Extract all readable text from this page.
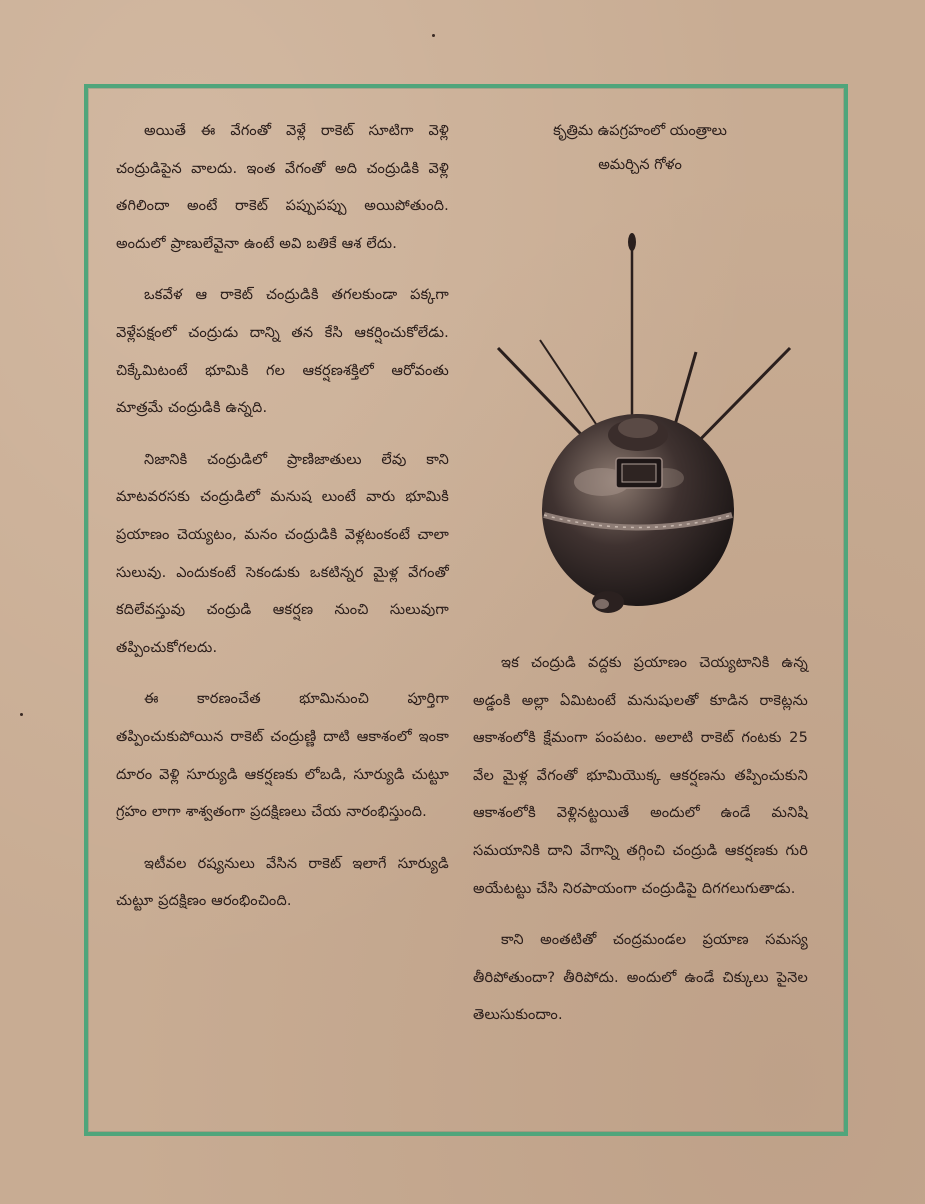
అయితే ఈ వేగంతో వెళ్లే రాకెట్ సూటిగా వెళ్లి చంద్రుడిపైన వాలదు. ఇంత వేగంతో అది చంద్రుడికి వెళ్లి తగిలిందా అంటే రాకెట్ పప్పుపప్పు అయిపోతుంది. అందులో ప్రాణులేవైనా ఉంటే అవి బతికే ఆశ లేదు.

ఒకవేళ ఆ రాకెట్ చంద్రుడికి తగలకుండా పక్కగా వెళ్లేపక్షంలో చంద్రుడు దాన్ని తన కేసి ఆకర్షించుకోలేడు. చిక్కేమిటంటే భూమికి గల ఆకర్షణశక్తిలో ఆరోవంతు మాత్రమే చంద్రుడికి ఉన్నది.

నిజానికి చంద్రుడిలో ప్రాణిజాతులు లేవు కాని మాటవరసకు చంద్రుడిలో మనుష లుంటే వారు భూమికి ప్రయాణం చెయ్యటం, మనం చంద్రుడికి వెళ్లటంకంటే చాలా సులువు. ఎందుకంటే సెకండుకు ఒకటిన్నర మైళ్ల వేగంతో కదిలేవస్తువు చంద్రుడి ఆకర్షణ నుంచి సులువుగా తప్పించుకోగలదు.

ఈ కారణంచేత భూమినుంచి పూర్తిగా తప్పించుకుపోయిన రాకెట్ చంద్రుణ్ణి దాటి ఆకాశంలో ఇంకా దూరం వెళ్లి సూర్యుడి ఆకర్షణకు లోబడి, సూర్యుడి చుట్టూ గ్రహం లాగా శాశ్వతంగా ప్రదక్షిణలు చేయ నారంభిస్తుంది.

ఇటీవల రష్యనులు వేసిన రాకెట్ ఇలాగే సూర్యుడి చుట్టూ ప్రదక్షిణం ఆరంభించింది.

కృత్రిమ ఉపగ్రహంలో యంత్రాలు
అమర్చిన గోళం

ఇక చంద్రుడి వద్దకు ప్రయాణం చెయ్యటానికి ఉన్న అడ్డంకి అల్లా ఏమిటంటే మనుషులతో కూడిన రాకెట్లను ఆకాశంలోకి క్షేమంగా పంపటం. అలాటి రాకెట్ గంటకు 25 వేల మైళ్ల వేగంతో భూమియొక్క ఆకర్షణను తప్పించుకుని ఆకాశంలోకి వెళ్లినట్టయితే అందులో ఉండే మనిషి సమయానికి దాని వేగాన్ని తగ్గించి చంద్రుడి ఆకర్షణకు గురి అయేటట్టు చేసి నిరపాయంగా చంద్రుడిపై దిగగలుగుతాడు.

కాని అంతటితో చంద్రమండల ప్రయాణ సమస్య తీరిపోతుందా? తీరిపోదు. అందులో ఉండే చిక్కులు పైనెల తెలుసుకుందాం.
